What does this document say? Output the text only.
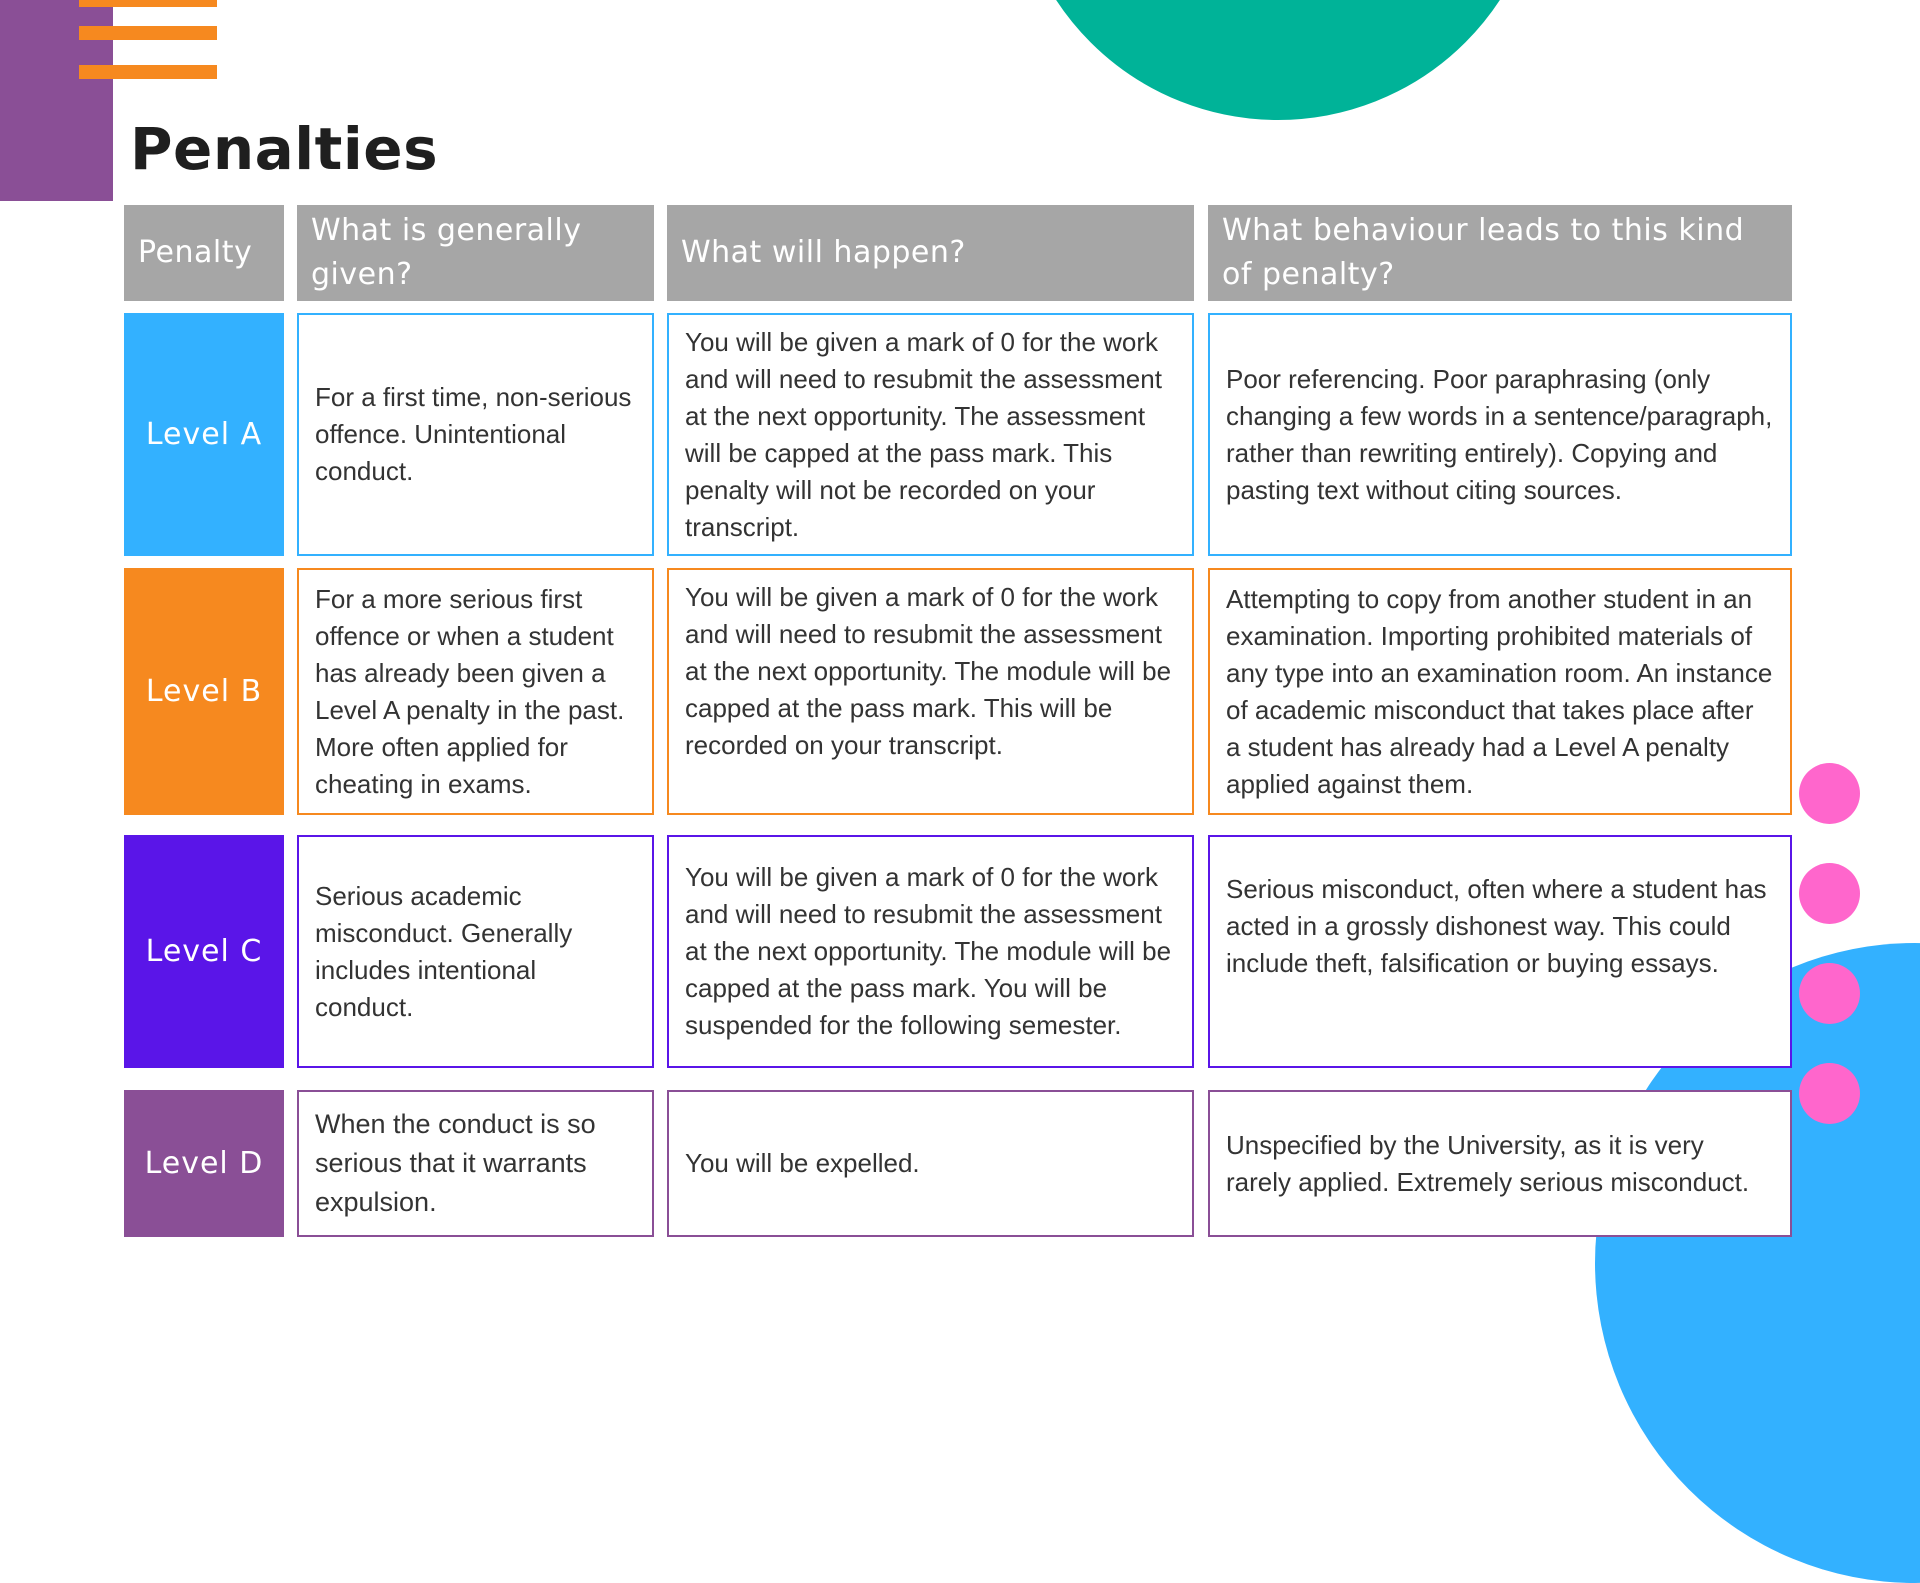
Penalties
Penalty
What is generally given?
What will happen?
What behaviour leads to this kind of penalty?
Level A
For a first time, non-serious offence. Unintentional conduct.
You will be given a mark of 0 for the work and will need to resubmit the assessment at the next opportunity. The assessment will be capped at the pass mark. This penalty will not be recorded on your transcript.
Poor referencing. Poor paraphrasing (only changing a few words in a sentence/paragraph, rather than rewriting entirely). Copying and pasting text without citing sources.
Level B
For a more serious first offence or when a student has already been given a Level A penalty in the past. More often applied for cheating in exams.
You will be given a mark of 0 for the work and will need to resubmit the assessment at the next opportunity. The module will be capped at the pass mark. This will be recorded on your transcript.
Attempting to copy from another student in an examination. Importing prohibited materials of any type into an examination room. An instance of academic misconduct that takes place after a student has already had a Level A penalty applied against them.
Level C
Serious academic misconduct. Generally includes intentional conduct.
You will be given a mark of 0 for the work and will need to resubmit the assessment at the next opportunity. The module will be capped at the pass mark. You will be suspended for the following semester.
Serious misconduct, often where a student has acted in a grossly dishonest way. This could include theft, falsification or buying essays.
Level D
When the conduct is so serious that it warrants expulsion.
You will be expelled.
Unspecified by the University, as it is very rarely applied. Extremely serious misconduct.
